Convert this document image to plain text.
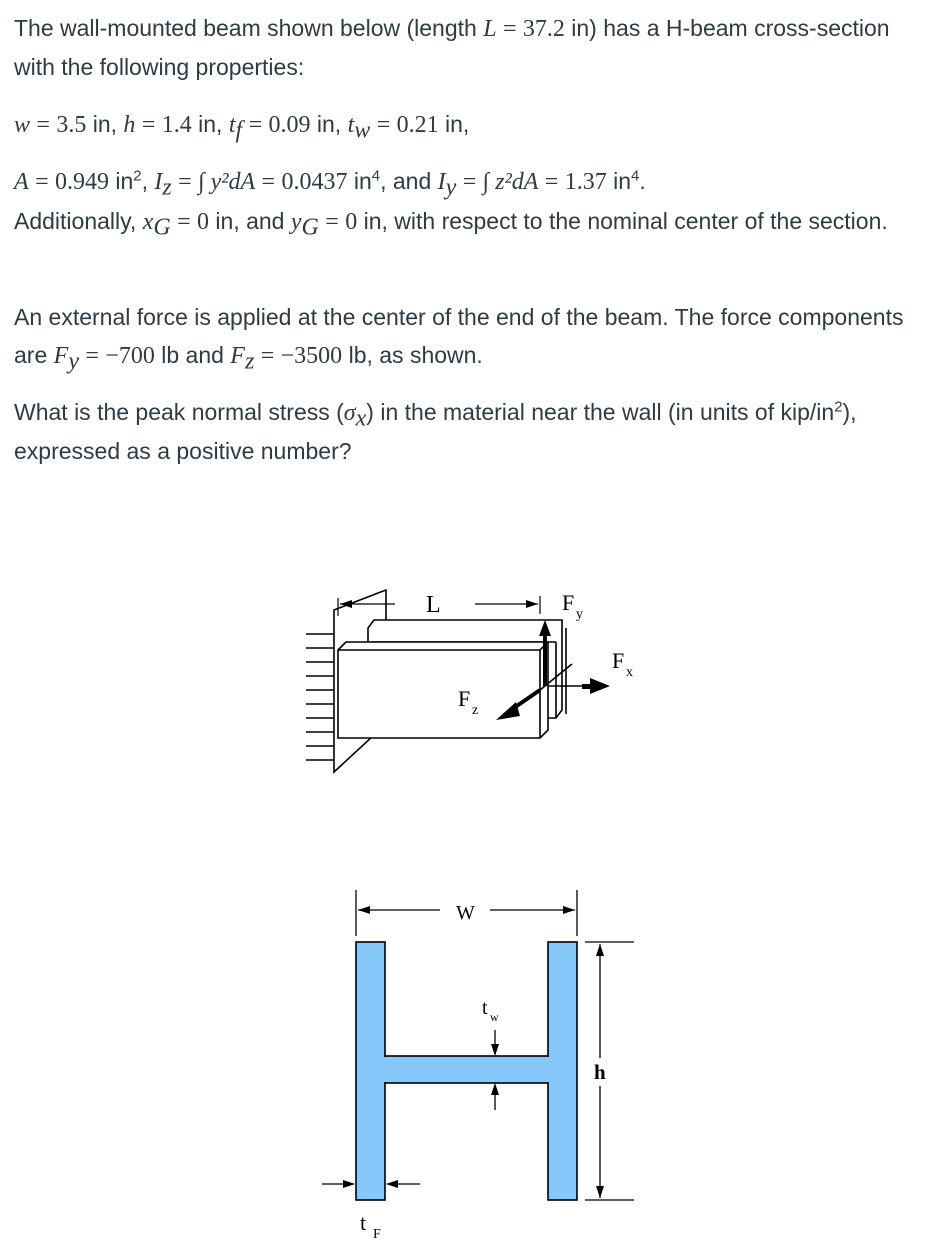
The wall-mounted beam shown below (length L = 37.2 in) has a H-beam cross-section with the following properties:
w = 3.5 in, h = 1.4 in, $t_f = 0.09$ in, $t_w = 0.21$ in,
A = 0.949 $in^2$, $I_z$ = ∫ y²dA = 0.0437 $in^4$, and $I_y$ = ∫ z²dA = 1.37 $in^4$.
Additionally, $x_G = 0$ in, and $y_G = 0$ in, with respect to the nominal center of the section.
An external force is applied at the center of the end of the beam. The force components are $F_y = -700$ lb and $F_z = -3500$ lb, as shown.
What is the peak normal stress $(\sigma_x)$ in the material near the wall (in units of kip/$in^2$), expressed as a positive number?
L	F y
F x
F z
W
t w
h
t F
